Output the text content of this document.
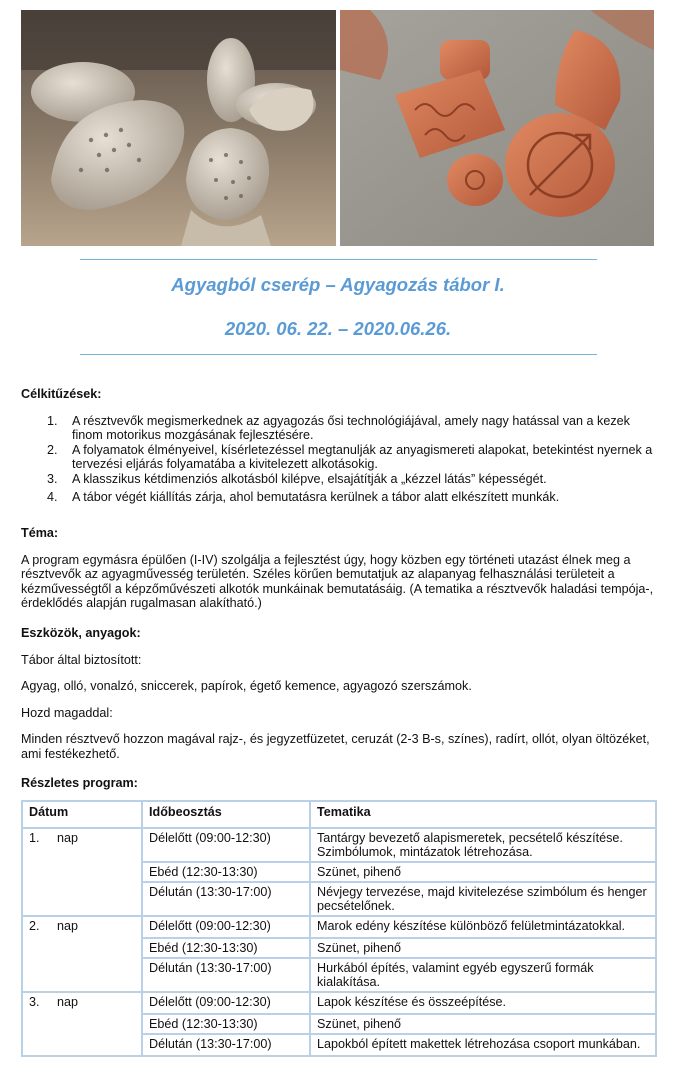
Agyagból cserép – Agyagozás tábor I.
2020. 06. 22. – 2020.06.26.

Célkitűzések:

1. A résztvevők megismerkednek az agyagozás ősi technológiájával, amely nagy hatással van a kezek finom motorikus mozgásának fejlesztésére.
2. A folyamatok élményeivel, kísérletezéssel megtanulják az anyagismereti alapokat, betekintést nyernek a tervezési eljárás folyamatába a kivitelezett alkotásokig.
3. A klasszikus kétdimenziós alkotásból kilépve, elsajátítják a „kézzel látás” képességét.
4. A tábor végét kiállítás zárja, ahol bemutatásra kerülnek a tábor alatt elkészített munkák.

Téma:

A program egymásra épülően (I-IV) szolgálja a fejlesztést úgy, hogy közben egy történeti utazást élnek meg a résztvevők az agyagművesség területén. Széles körűen bemutatjuk az alapanyag felhasználási területeit a kézművességtől a képzőművészeti alkotók munkáinak bemutatásáig. (A tematika a résztvevők haladási tempója-, érdeklődés alapján rugalmasan alakítható.)

Eszközök, anyagok:

Tábor által biztosított:

Agyag, olló, vonalzó, sniccerek, papírok, égető kemence, agyagozó szerszámok.

Hozd magaddal:

Minden résztvevő hozzon magával rajz-, és jegyzetfüzetet, ceruzát (2-3 B-s, színes), radírt, ollót, olyan öltözéket, ami festékezhető.

Részletes program:

Dátum	Időbeosztás	Tematika
1. nap	Délelőtt (09:00-12:30)	Tantárgy bevezető alapismeretek, pecsételő készítése. Szimbólumok, mintázatok létrehozása.
	Ebéd (12:30-13:30)	Szünet, pihenő
	Délután (13:30-17:00)	Névjegy tervezése, majd kivitelezése szimbólum és henger pecsételőnek.
2. nap	Délelőtt (09:00-12:30)	Marok edény készítése különböző felületmintázatokkal.
	Ebéd (12:30-13:30)	Szünet, pihenő
	Délután (13:30-17:00)	Hurkából építés, valamint egyéb egyszerű formák kialakítása.
3. nap	Délelőtt (09:00-12:30)	Lapok készítése és összeépítése.
	Ebéd (12:30-13:30)	Szünet, pihenő
	Délután (13:30-17:00)	Lapokból épített makettek létrehozása csoport munkában.
